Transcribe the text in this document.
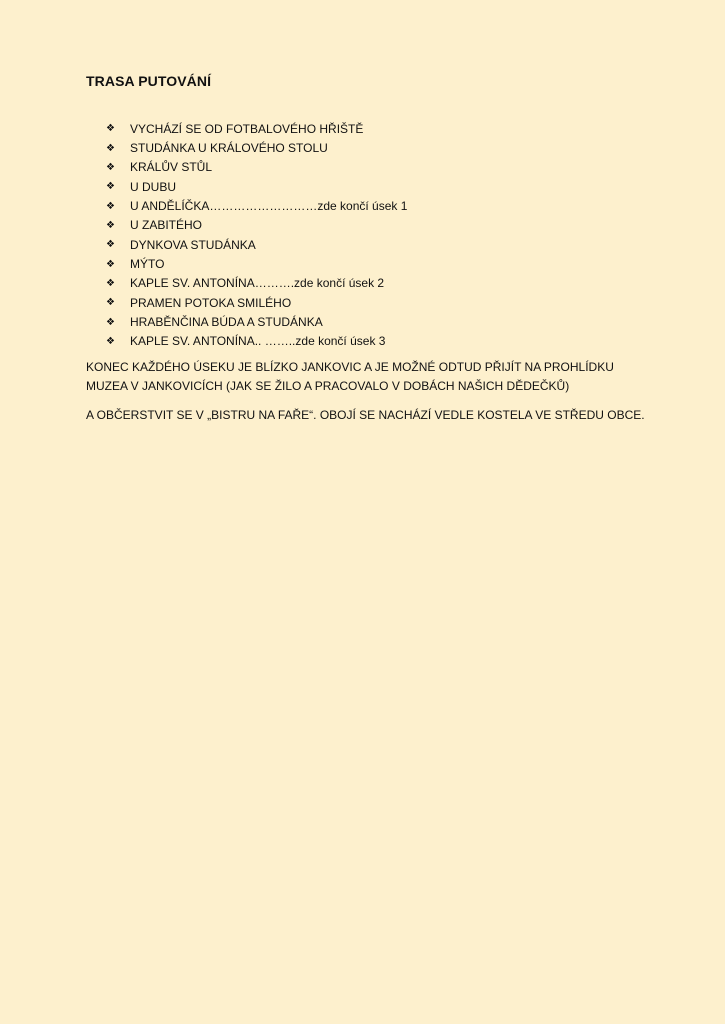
TRASA PUTOVÁNÍ
❖	VYCHÁZÍ SE OD FOTBALOVÉHO HŘIŠTĚ
❖	STUDÁNKA U KRÁLOVÉHO STOLU
❖	KRÁLŮV STŮL
❖	U DUBU
❖	U ANDĚLÍČKA………………………zde končí úsek 1
❖	U ZABITÉHO
❖	DYNKOVA STUDÁNKA
❖	MÝTO
❖	KAPLE SV. ANTONÍNA……….zde končí úsek 2
❖	PRAMEN POTOKA SMILÉHO
❖	HRABĚNČINA BÚDA A STUDÁNKA
❖	KAPLE SV. ANTONÍNA.. ……..zde končí úsek 3

KONEC KAŽDÉHO ÚSEKU JE BLÍZKO JANKOVIC A JE MOŽNÉ ODTUD PŘIJÍT NA PROHLÍDKU
MUZEA V JANKOVICÍCH (JAK SE ŽILO A PRACOVALO V DOBÁCH NAŠICH DĚDEČKŮ)

A OBČERSTVIT SE V „BISTRU NA FAŘE“. OBOJÍ SE NACHÁZÍ VEDLE KOSTELA VE STŘEDU OBCE.
